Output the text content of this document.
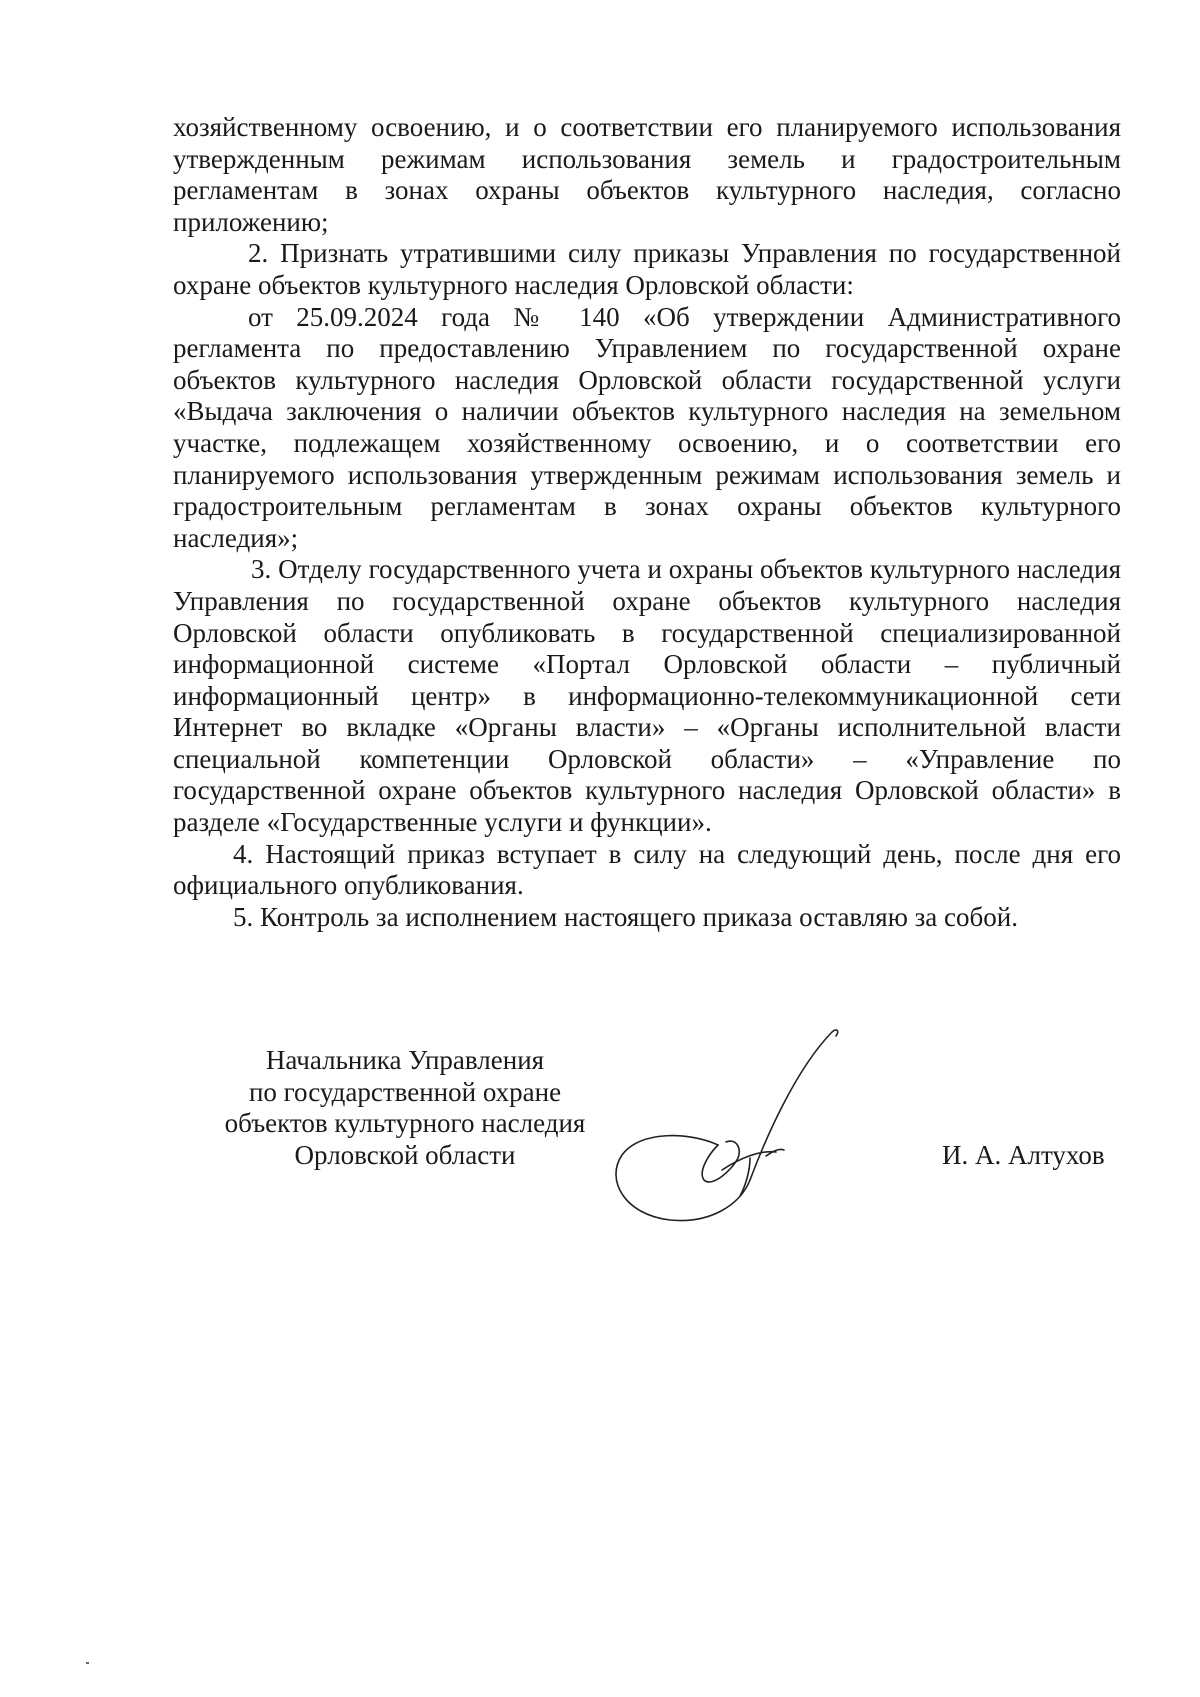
хозяйственному освоению, и о соответствии его планируемого использования утвержденным режимам использования земель и градостроительным регламентам в зонах охраны объектов культурного наследия, согласно приложению;

2. Признать утратившими силу приказы Управления по государственной охране объектов культурного наследия Орловской области:

от 25.09.2024 года № 140 «Об утверждении Административного регламента по предоставлению Управлением по государственной охране объектов культурного наследия Орловской области государственной услуги «Выдача заключения о наличии объектов культурного наследия на земельном участке, подлежащем хозяйственному освоению, и о соответствии его планируемого использования утвержденным режимам использования земель и градостроительным регламентам в зонах охраны объектов культурного наследия»;

3. Отделу государственного учета и охраны объектов культурного наследия Управления по государственной охране объектов культурного наследия Орловской области опубликовать в государственной специализированной информационной системе «Портал Орловской области – публичный информационный центр» в информационно-телекоммуникационной сети Интернет во вкладке «Органы власти» – «Органы исполнительной власти специальной компетенции Орловской области» – «Управление по государственной охране объектов культурного наследия Орловской области» в разделе «Государственные услуги и функции».

4. Настоящий приказ вступает в силу на следующий день, после дня его официального опубликования.

5. Контроль за исполнением настоящего приказа оставляю за собой.

Начальника Управления
по государственной охране
объектов культурного наследия
Орловской области	И. А. Алтухов
